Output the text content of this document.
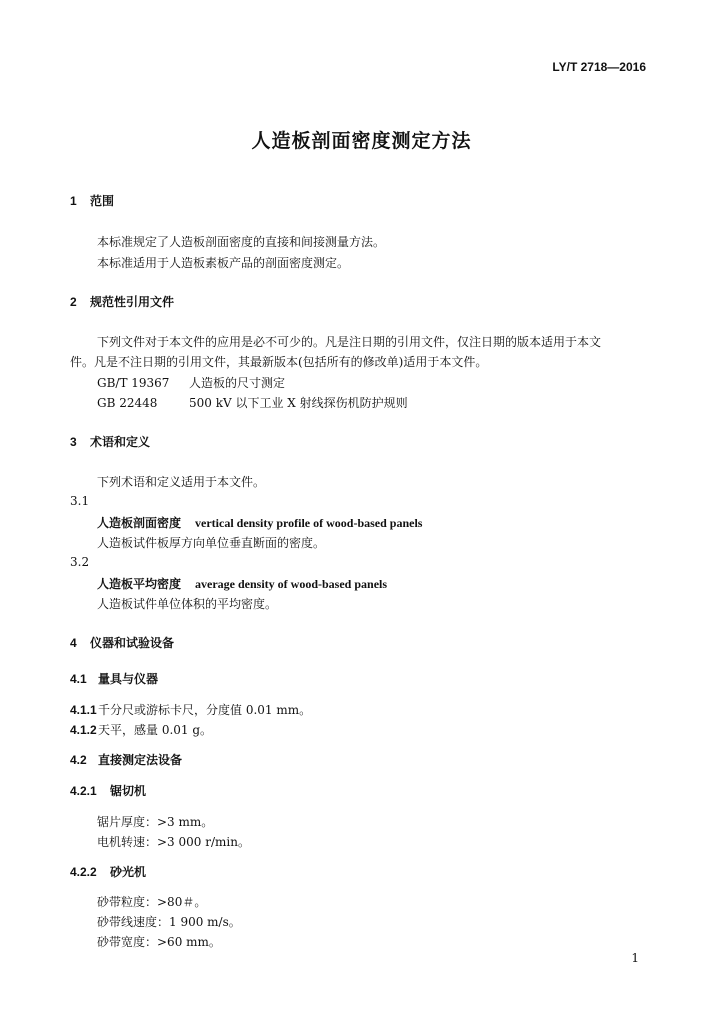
LY/T 2718—2016
人造板剖面密度测定方法
1 范围
本标准规定了人造板剖面密度的直接和间接测量方法。
本标准适用于人造板素板产品的剖面密度测定。
2 规范性引用文件
下列文件对于本文件的应用是必不可少的。凡是注日期的引用文件，仅注日期的版本适用于本文
件。凡是不注日期的引用文件，其最新版本(包括所有的修改单)适用于本文件。
GB/T 19367 人造板的尺寸测定
GB 22448	500 kV 以下工业 X 射线探伤机防护规则
3 术语和定义
下列术语和定义适用于本文件。
3.1
人造板剖面密度 vertical density profile of wood-based panels
人造板试件板厚方向单位垂直断面的密度。
3.2
人造板平均密度 average density of wood-based panels
人造板试件单位体积的平均密度。
4 仪器和试验设备
4.1 量具与仪器
4.1.1千分尺或游标卡尺，分度值 0.01 mm。
4.1.2天平，感量 0.01 g。
4.2 直接测定法设备
4.2.1 锯切机
锯片厚度：>3 mm。
电机转速：>3 000 r/min。
4.2.2 砂光机
砂带粒度：>80＃。
砂带线速度：1 900 m/s。
砂带宽度：>60 mm。
1
